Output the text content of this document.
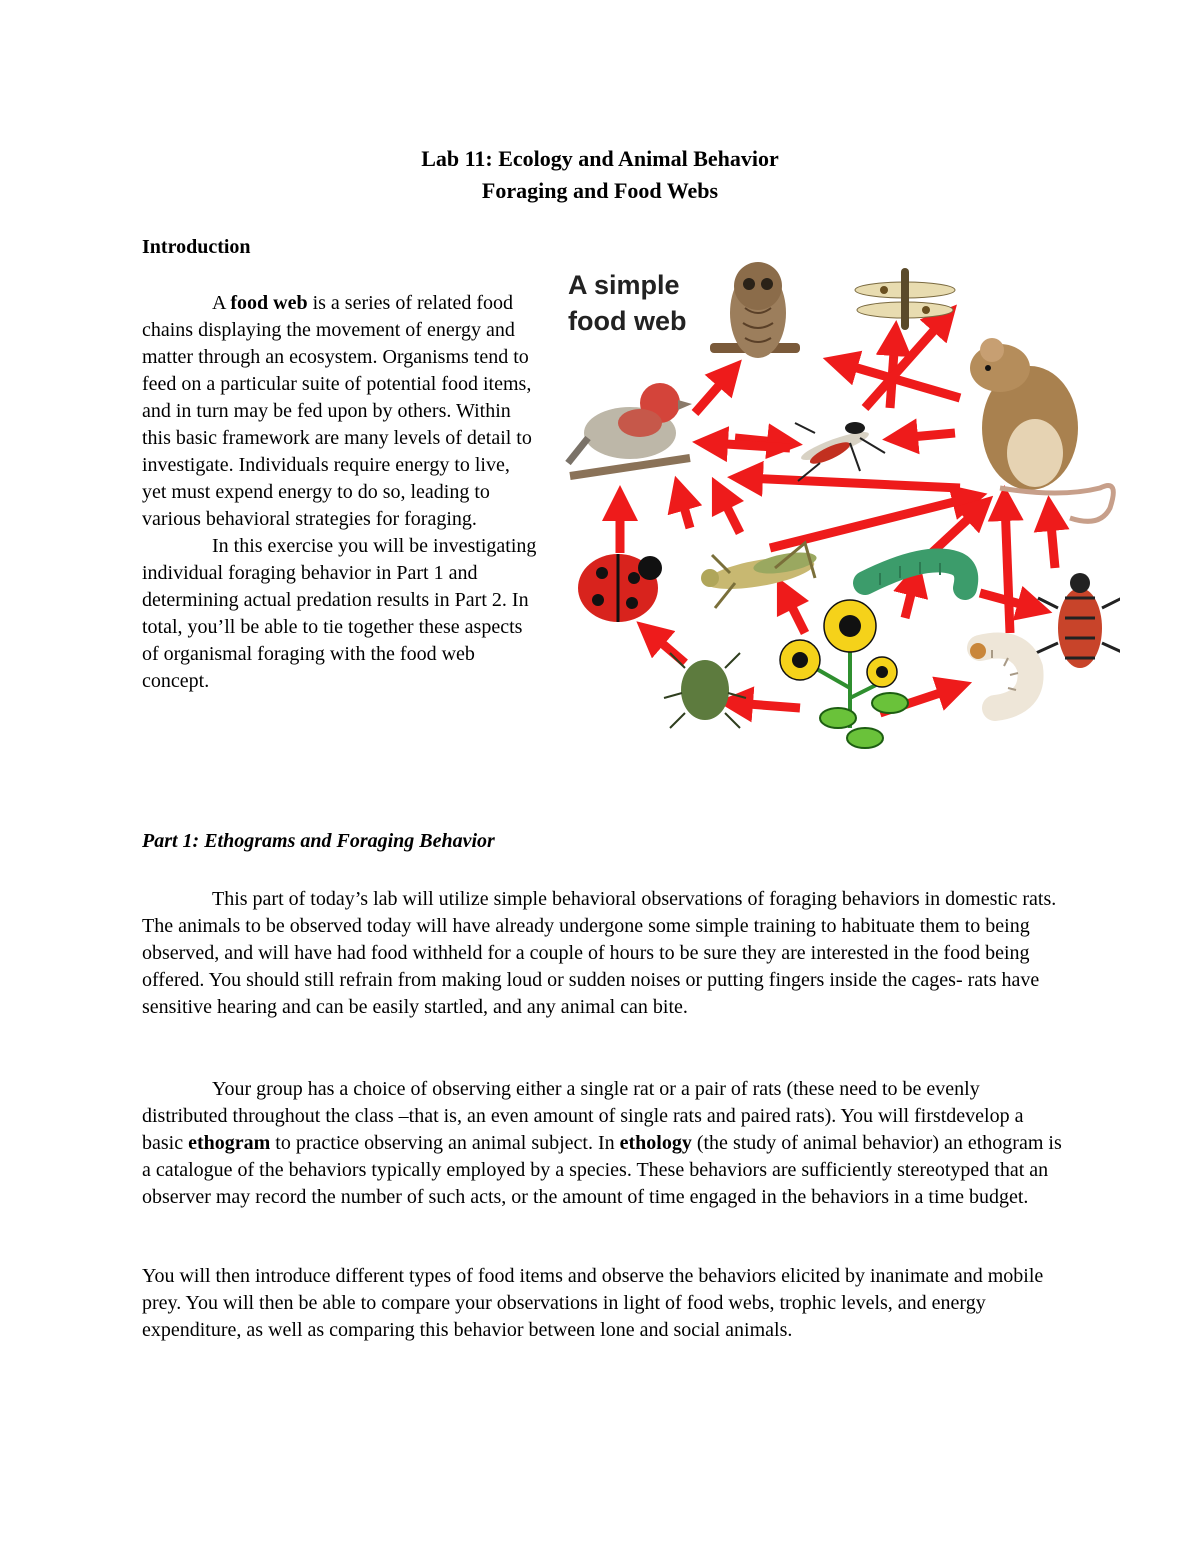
Lab 11: Ecology and Animal Behavior
Foraging and Food Webs
Introduction

A food web is a series of related food chains displaying the movement of energy and matter through an ecosystem. Organisms tend to feed on a particular suite of potential food items, and in turn may be fed upon by others. Within this basic framework are many levels of detail to investigate. Individuals require energy to live, yet must expend energy to do so, leading to various behavioral strategies for foraging.

In this exercise you will be investigating individual foraging behavior in Part 1 and determining actual predation results in Part 2. In total, you’ll be able to tie together these aspects of organismal foraging with the food web concept.

A simple
food web
Part 1: Ethograms and Foraging Behavior

This part of today’s lab will utilize simple behavioral observations of foraging behaviors in domestic rats. The animals to be observed today will have already undergone some simple training to habituate them to being observed, and will have had food withheld for a couple of hours to be sure they are interested in the food being offered. You should still refrain from making loud or sudden noises or putting fingers inside the cages- rats have sensitive hearing and can be easily startled, and any animal can bite.

Your group has a choice of observing either a single rat or a pair of rats (these need to be evenly distributed throughout the class –that is, an even amount of single rats and paired rats). You will firstdevelop a basic ethogram to practice observing an animal subject. In ethology (the study of animal behavior) an ethogram is a catalogue of the behaviors typically employed by a species. These behaviors are sufficiently stereotyped that an observer may record the number of such acts, or the amount of time engaged in the behaviors in a time budget.

You will then introduce different types of food items and observe the behaviors elicited by inanimate and mobile prey. You will then be able to compare your observations in light of food webs, trophic levels, and energy expenditure, as well as comparing this behavior between lone and social animals.
